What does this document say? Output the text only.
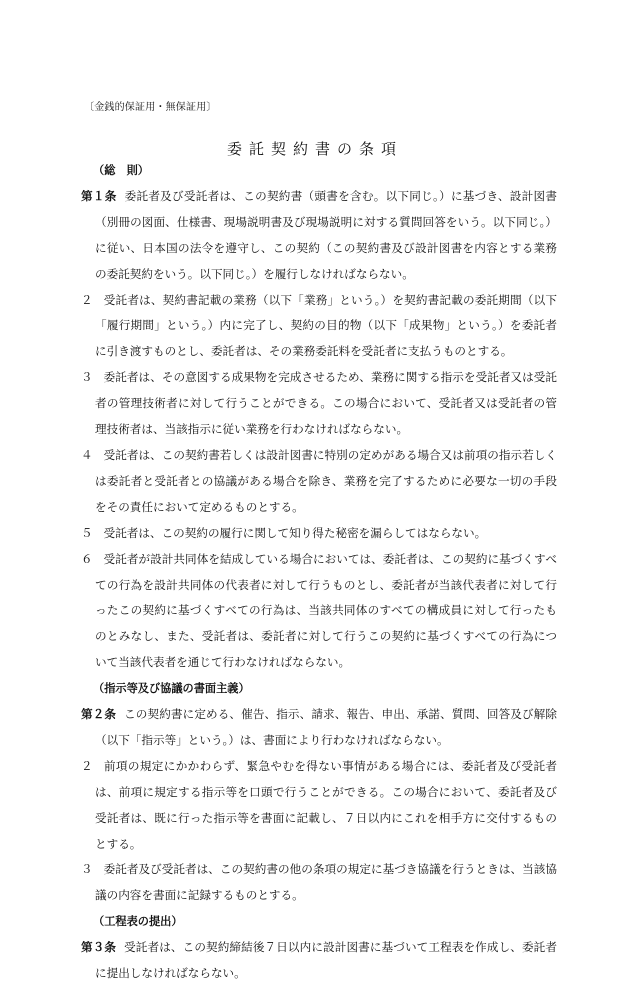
〔金銭的保証用・無保証用〕
委託契約書の条項

（総　則）

第１条 委託者及び受託者は、この契約書（頭書を含む。以下同じ。）に基づき、設計図書（別冊の図面、仕様書、現場説明書及び現場説明に対する質問回答をいう。以下同じ。）に従い、日本国の法令を遵守し、この契約（この契約書及び設計図書を内容とする業務の委託契約をいう。以下同じ。）を履行しなければならない。

２ 受託者は、契約書記載の業務（以下「業務」という。）を契約書記載の委託期間（以下「履行期間」という。）内に完了し、契約の目的物（以下「成果物」という。）を委託者に引き渡すものとし、委託者は、その業務委託料を受託者に支払うものとする。

３ 委託者は、その意図する成果物を完成させるため、業務に関する指示を受託者又は受託者の管理技術者に対して行うことができる。この場合において、受託者又は受託者の管理技術者は、当該指示に従い業務を行わなければならない。

４ 受託者は、この契約書若しくは設計図書に特別の定めがある場合又は前項の指示若しくは委託者と受託者との協議がある場合を除き、業務を完了するために必要な一切の手段をその責任において定めるものとする。

５ 受託者は、この契約の履行に関して知り得た秘密を漏らしてはならない。

６ 受託者が設計共同体を結成している場合においては、委託者は、この契約に基づくすべての行為を設計共同体の代表者に対して行うものとし、委託者が当該代表者に対して行ったこの契約に基づくすべての行為は、当該共同体のすべての構成員に対して行ったものとみなし、また、受託者は、委託者に対して行うこの契約に基づくすべての行為について当該代表者を通じて行わなければならない。

（指示等及び協議の書面主義）

第２条 この契約書に定める、催告、指示、請求、報告、申出、承諾、質問、回答及び解除（以下「指示等」という。）は、書面により行わなければならない。

２ 前項の規定にかかわらず、緊急やむを得ない事情がある場合には、委託者及び受託者は、前項に規定する指示等を口頭で行うことができる。この場合において、委託者及び受託者は、既に行った指示等を書面に記載し、７日以内にこれを相手方に交付するものとする。

３ 委託者及び受託者は、この契約書の他の条項の規定に基づき協議を行うときは、当該協議の内容を書面に記録するものとする。

（工程表の提出）

第３条 受託者は、この契約締結後７日以内に設計図書に基づいて工程表を作成し、委託者に提出しなければならない。
